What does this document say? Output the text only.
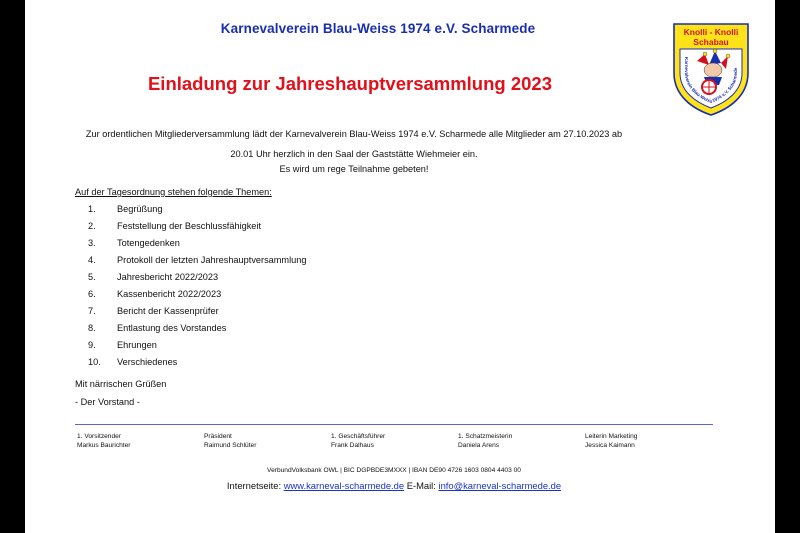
Karnevalverein Blau-Weiss 1974 e.V. Scharmede
Einladung zur Jahreshauptversammlung 2023
Knolli - Knolli
Schabau
Karnevalverein Blau-Weiss 1974 e.V. Scharmede
Zur ordentlichen Mitgliederversammlung lädt der Karnevalverein Blau-Weiss 1974 e.V. Scharmede alle Mitglieder am 27.10.2023 ab
20.01 Uhr herzlich in den Saal der Gaststätte Wiehmeier ein.
Es wird um rege Teilnahme gebeten!
Auf der Tagesordnung stehen folgende Themen:
1.	Begrüßung
2.	Feststellung der Beschlussfähigkeit
3.	Totengedenken
4.	Protokoll der letzten Jahreshauptversammlung
5.	Jahresbericht 2022/2023
6.	Kassenbericht 2022/2023
7.	Bericht der Kassenprüfer
8.	Entlastung des Vorstandes
9.	Ehrungen
10.	Verschiedenes
Mit närrischen Grüßen
- Der Vorstand -
1. Vorsitzender
Markus Baurichter
Präsident
Raimund Schlüter
1. Geschäftsführer
Frank Dalhaus
1. Schatzmeisterin
Daniela Arens
Leiterin Marketing
Jessica Kaimann
VerbundVolksbank OWL | BIC DGPBDE3MXXX | IBAN DE90 4726 1603 0804 4403 00
Internetseite: www.karneval-scharmede.de E-Mail: info@karneval-scharmede.de
